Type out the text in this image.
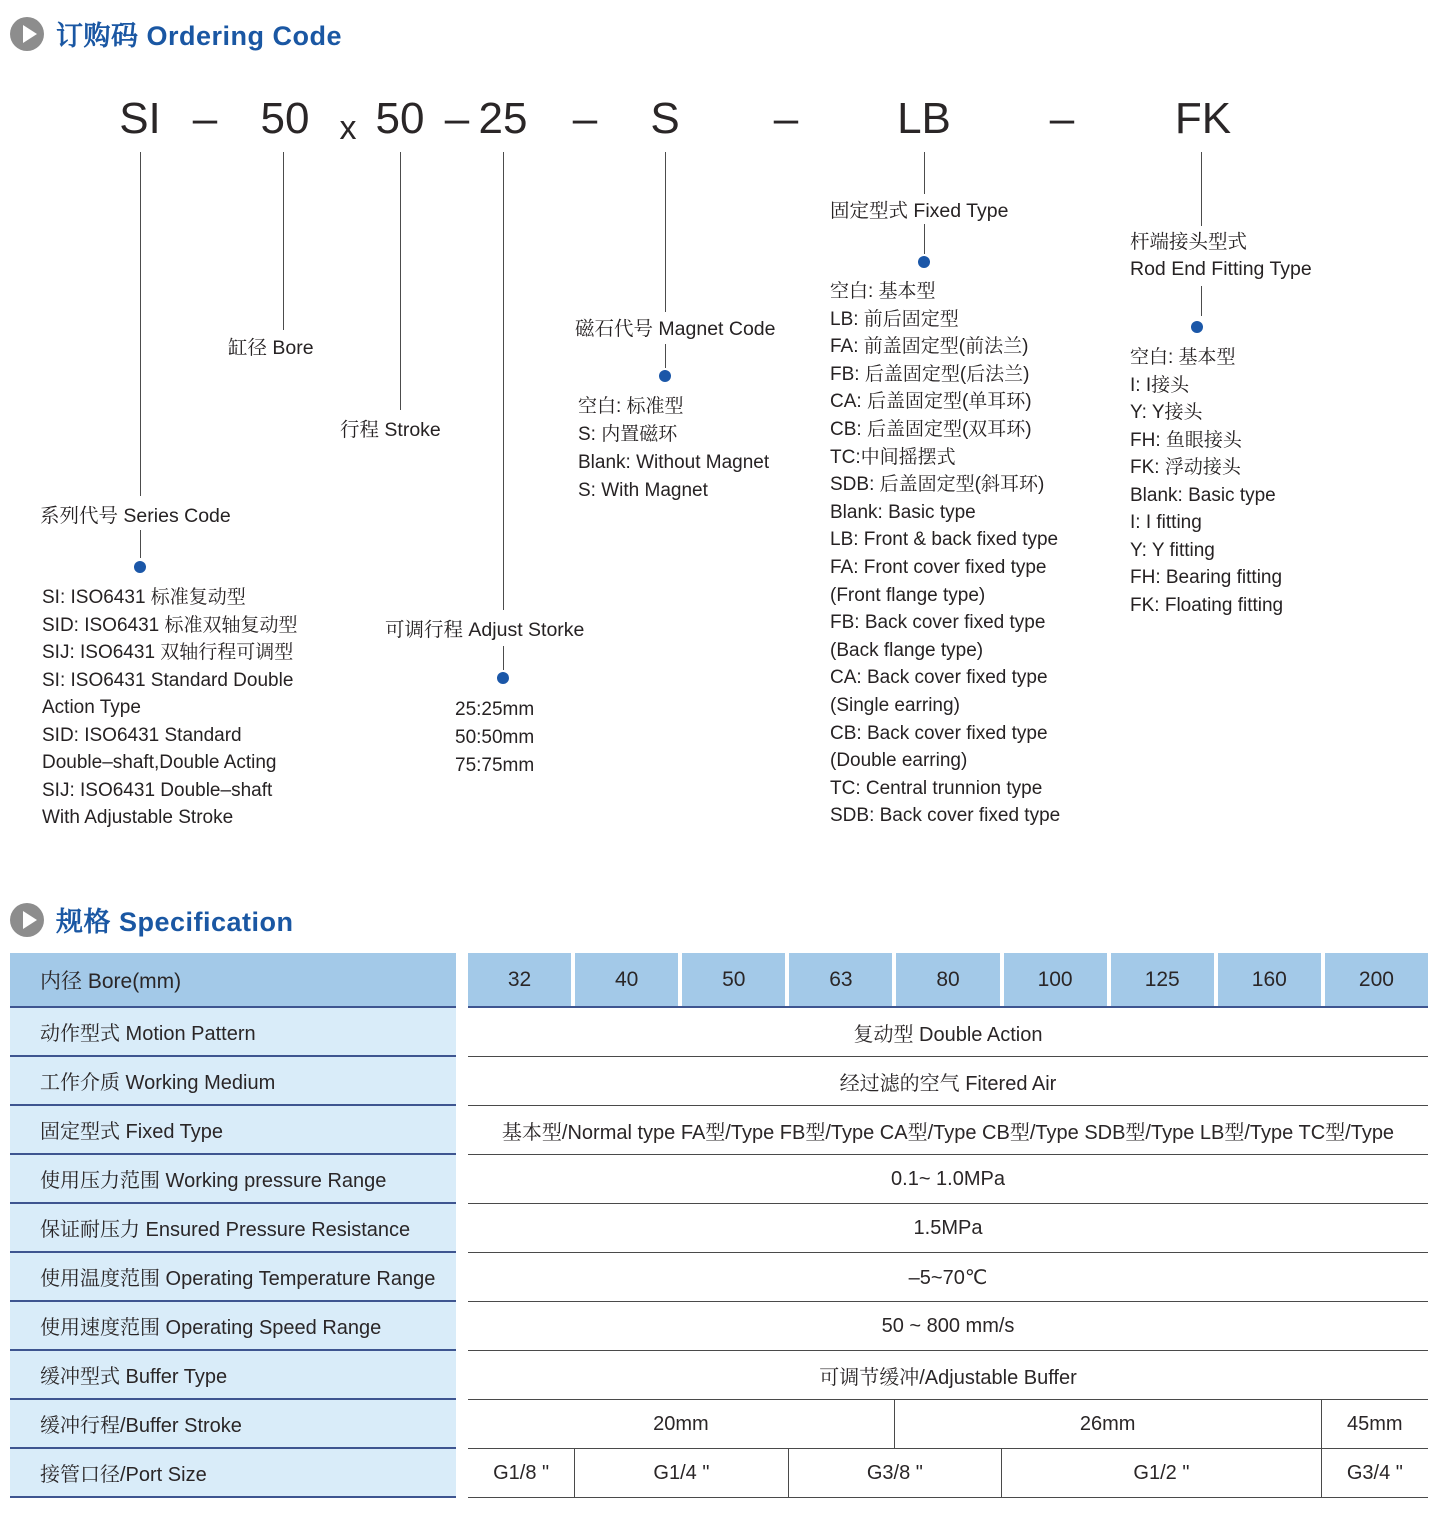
订购码 Ordering Code
SI – 50 x 50 – 25 – S – LB – FK
系列代号 Series Code
缸径 Bore
行程 Stroke
可调行程 Adjust Storke
磁石代号 Magnet Code
固定型式 Fixed Type
杆端接头型式
Rod End Fitting Type
SI: ISO6431 标准复动型
SID: ISO6431 标准双轴复动型
SIJ: ISO6431 双轴行程可调型
SI: ISO6431 Standard Double
Action Type
SID: ISO6431 Standard
Double–shaft,Double Acting
SIJ: ISO6431 Double–shaft
With Adjustable Stroke
25:25mm
50:50mm
75:75mm
空白: 标准型
S: 内置磁环
Blank: Without Magnet
S: With Magnet
空白: 基本型
LB: 前后固定型
FA: 前盖固定型(前法兰)
FB: 后盖固定型(后法兰)
CA: 后盖固定型(单耳环)
CB: 后盖固定型(双耳环)
TC:中间摇摆式
SDB: 后盖固定型(斜耳环)
Blank: Basic type
LB: Front & back fixed type
FA: Front cover fixed type
(Front flange type)
FB: Back cover fixed type
(Back flange type)
CA: Back cover fixed type
(Single earring)
CB: Back cover fixed type
(Double earring)
TC: Central trunnion type
SDB: Back cover fixed type
空白: 基本型
I: I接头
Y: Y接头
FH: 鱼眼接头
FK: 浮动接头
Blank: Basic type
I: I fitting
Y: Y fitting
FH: Bearing fitting
FK: Floating fitting
规格 Specification
内径 Bore(mm)	32	40	50	63	80	100	125	160	200
动作型式 Motion Pattern	复动型 Double Action
工作介质 Working Medium	经过滤的空气 Fitered Air
固定型式 Fixed Type	基本型/Normal type FA型/Type FB型/Type CA型/Type CB型/Type SDB型/Type LB型/Type TC型/Type
使用压力范围 Working pressure Range	0.1~ 1.0MPa
保证耐压力 Ensured Pressure Resistance	1.5MPa
使用温度范围 Operating Temperature Range	–5~70℃
使用速度范围 Operating Speed Range	50 ~ 800 mm/s
缓冲型式 Buffer Type	可调节缓冲/Adjustable Buffer
缓冲行程/Buffer Stroke	20mm	26mm	45mm
接管口径/Port Size	G1/8 "	G1/4 "	G3/8 "	G1/2 "	G3/4 "
